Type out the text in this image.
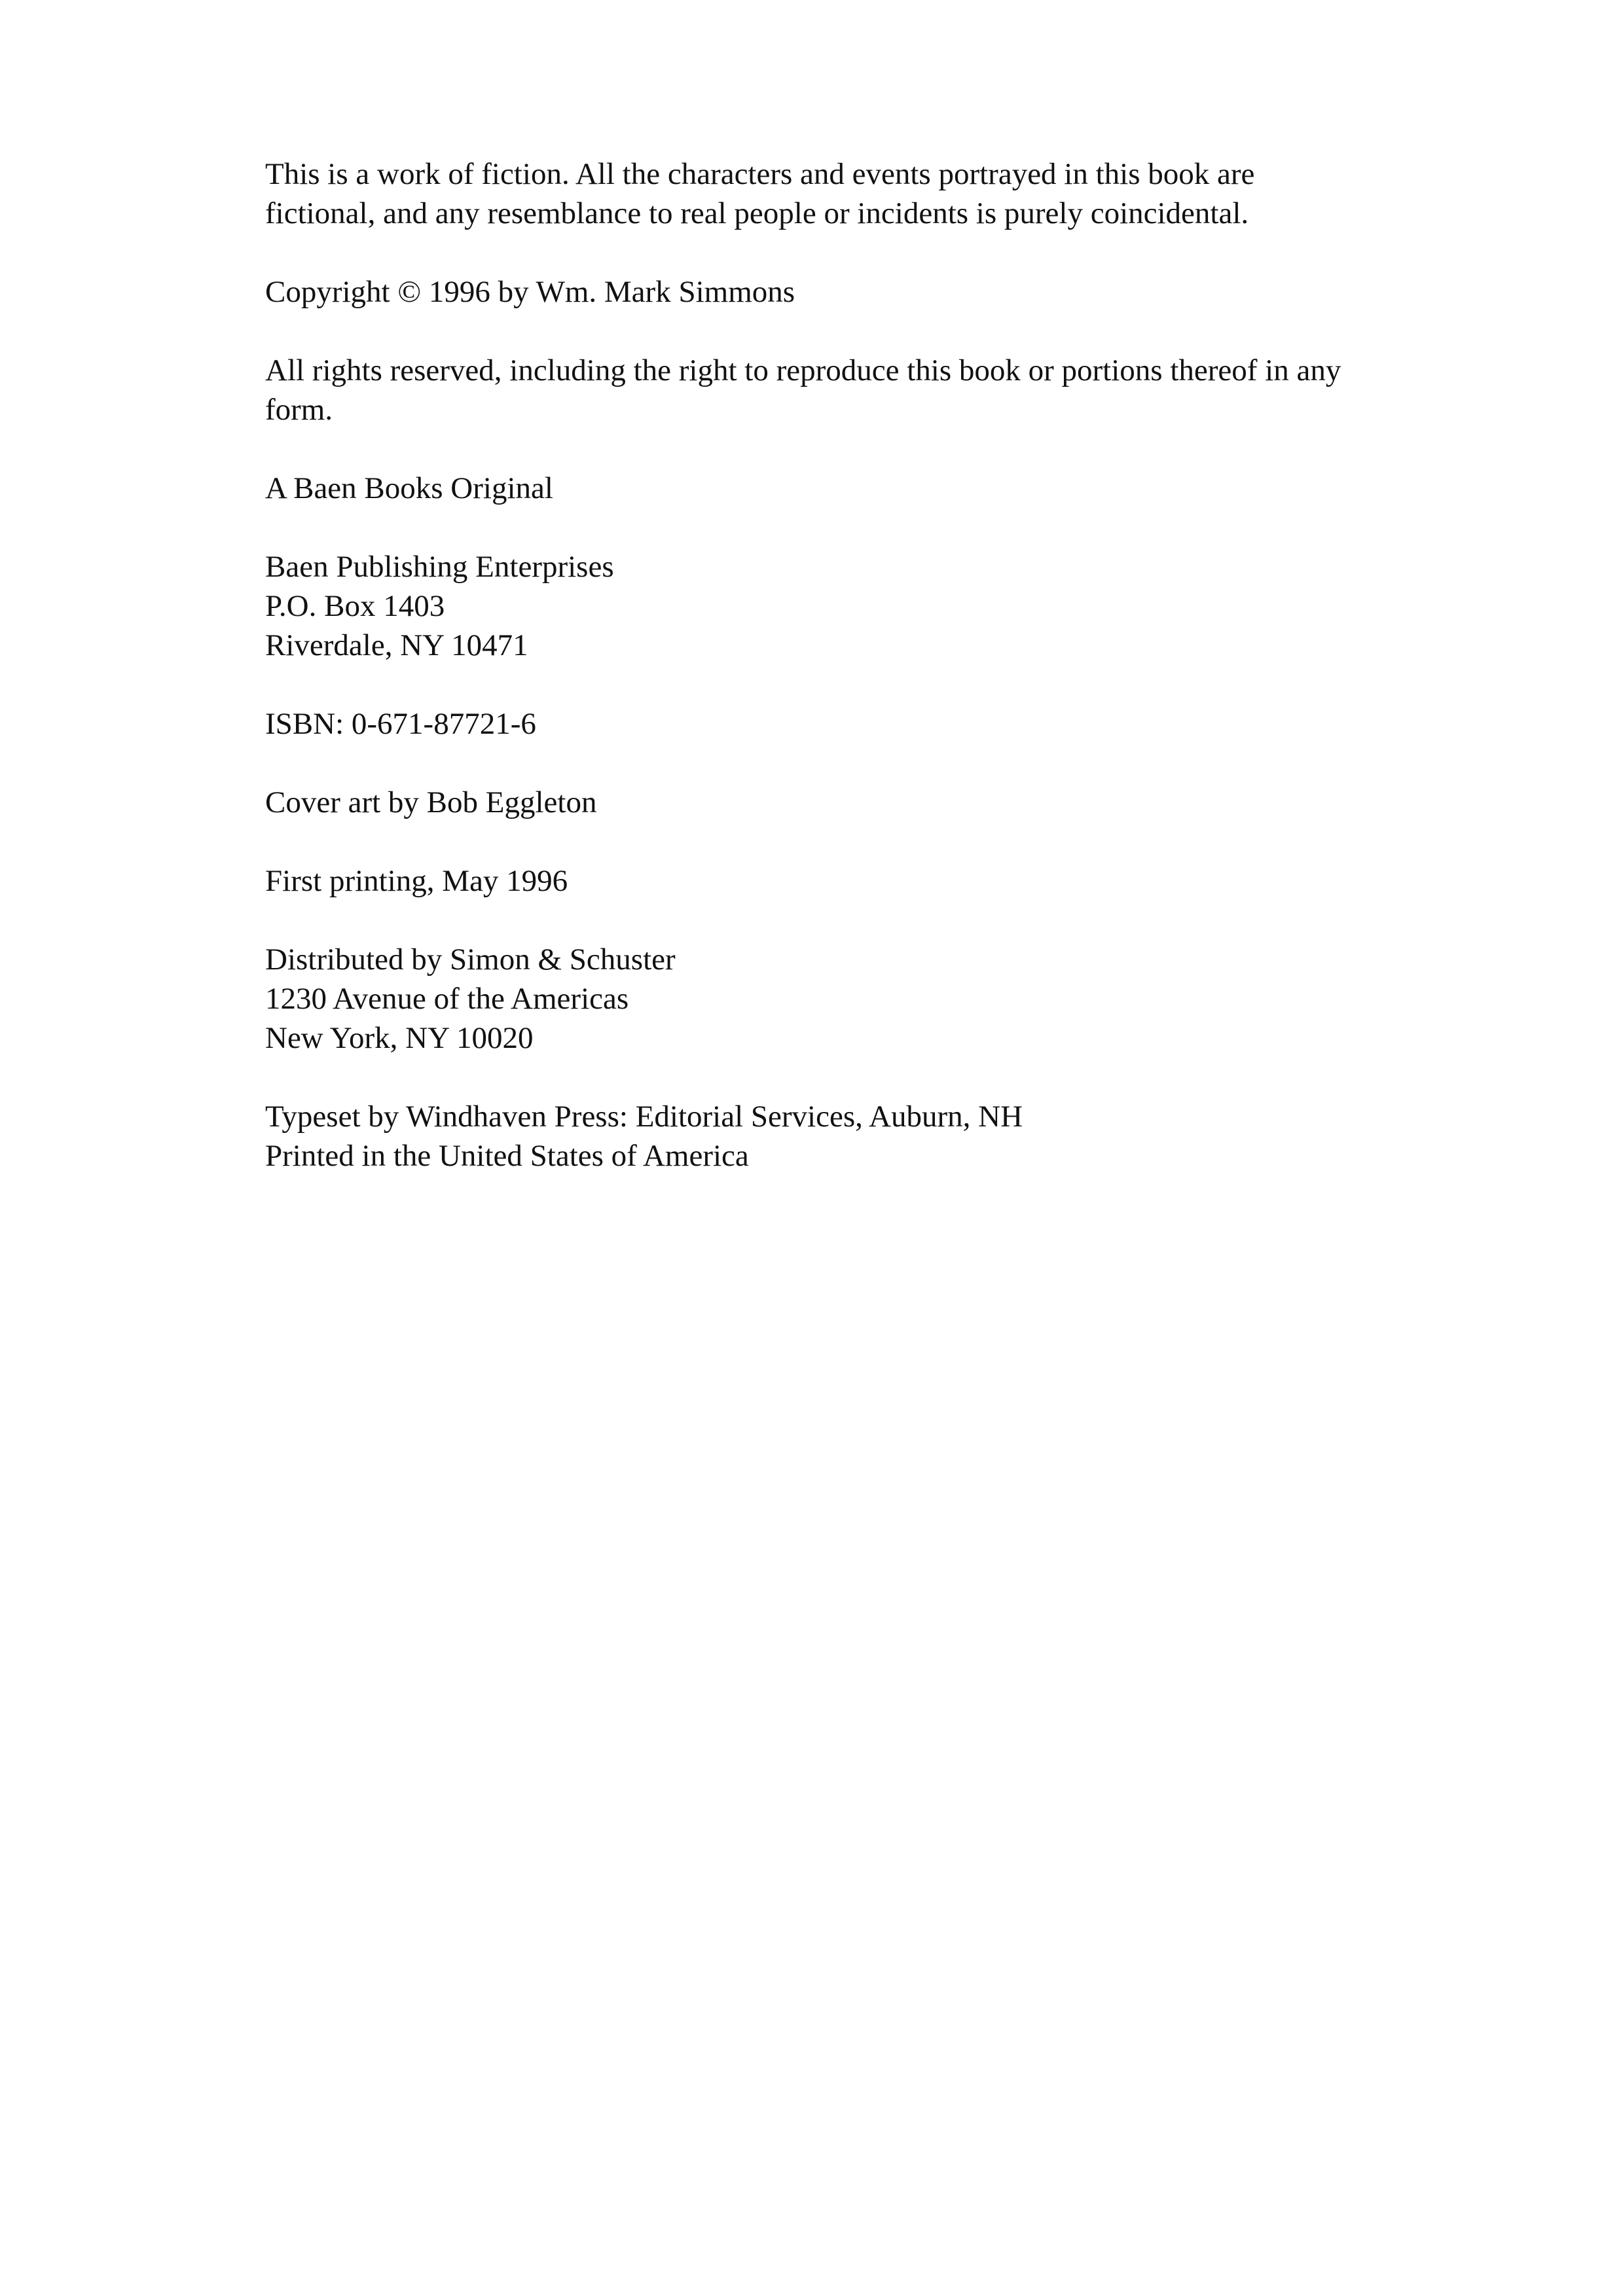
This is a work of fiction. All the characters and events portrayed in this book are
fictional, and any resemblance to real people or incidents is purely coincidental.

Copyright © 1996 by Wm. Mark Simmons

All rights reserved, including the right to reproduce this book or portions thereof in any
form.

A Baen Books Original

Baen Publishing Enterprises
P.O. Box 1403
Riverdale, NY 10471

ISBN: 0-671-87721-6

Cover art by Bob Eggleton

First printing, May 1996

Distributed by Simon & Schuster
1230 Avenue of the Americas
New York, NY 10020

Typeset by Windhaven Press: Editorial Services, Auburn, NH
Printed in the United States of America
